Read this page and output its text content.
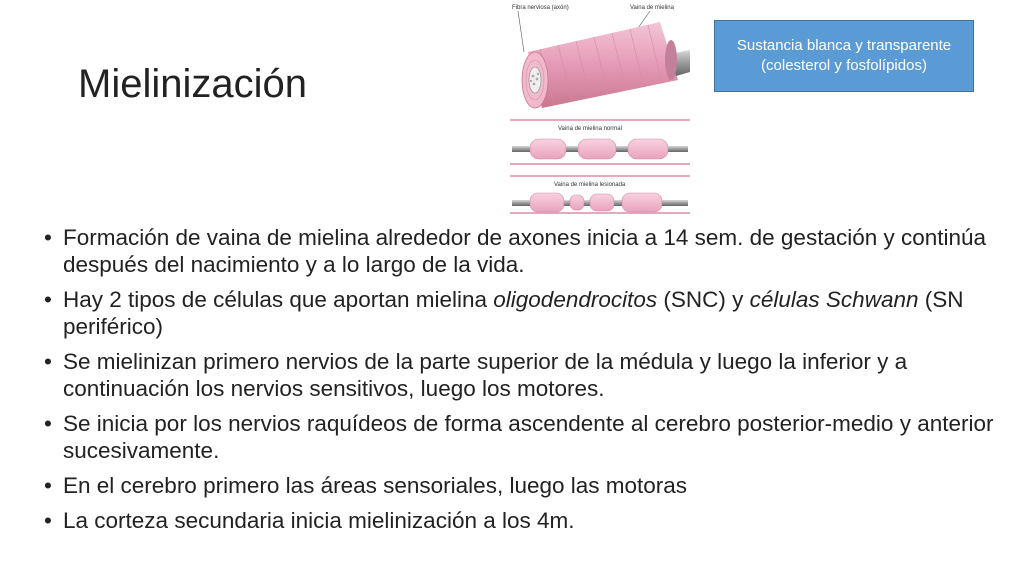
Mielinización
Sustancia blanca y transparente (colesterol y fosfolípidos)
Fibra nerviosa (axón)	Vaina de mielina
Vaina de mielina normal
Vaina de mielina lesionada
• Formación de vaina de mielina alrededor de axones inicia a 14 sem. de gestación y continúa después del nacimiento y a lo largo de la vida.
• Hay 2 tipos de células que aportan mielina oligodendrocitos (SNC) y células Schwann (SN periférico)
• Se mielinizan primero nervios de la parte superior de la médula y luego la inferior y a continuación los nervios sensitivos, luego los motores.
• Se inicia por los nervios raquídeos de forma ascendente al cerebro posterior-medio y anterior sucesivamente.
• En el cerebro primero las áreas sensoriales, luego las motoras
• La corteza secundaria inicia mielinización a los 4m.
